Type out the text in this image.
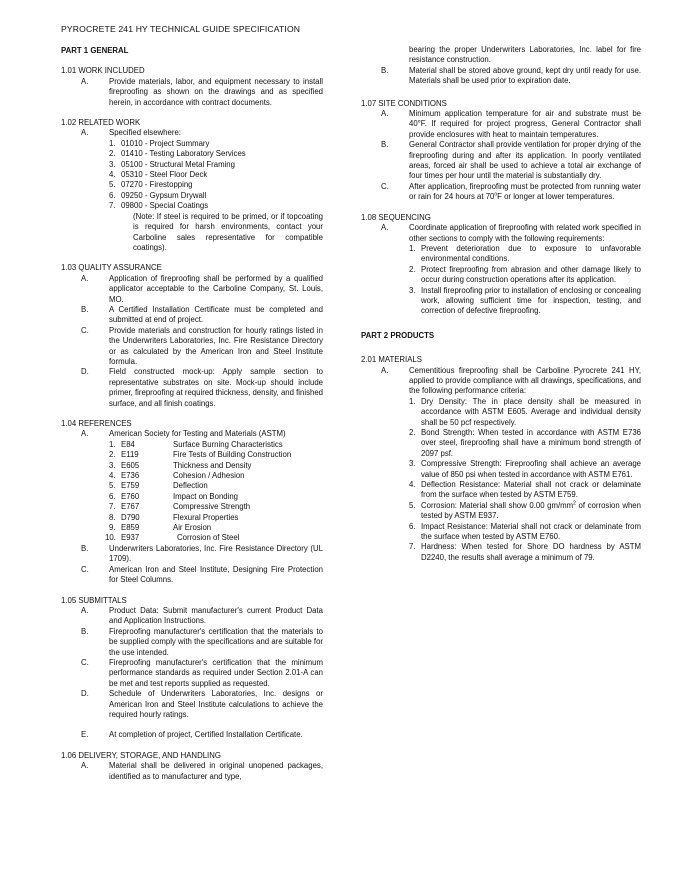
PYROCRETE 241 HY TECHNICAL GUIDE SPECIFICATION
PART 1 GENERAL
1.01 WORK INCLUDED
A.	Provide materials, labor, and equipment necessary to install fireproofing as shown on the drawings and as specified herein, in accordance with contract documents.
1.02 RELATED WORK
A.	Specified elsewhere:
1. 01010 - Project Summary
2. 01410 - Testing Laboratory Services
3. 05100 - Structural Metal Framing
4. 05310 - Steel Floor Deck
5. 07270 - Firestopping
6. 09250 - Gypsum Drywall
7. 09800 - Special Coatings
(Note: If steel is required to be primed, or if topcoating is required for harsh environments, contact your Carboline sales representative for compatible coatings).
1.03 QUALITY ASSURANCE
A.	Application of fireproofing shall be performed by a qualified applicator acceptable to the Carboline Company, St. Louis, MO.
B.	A Certified Installation Certificate must be completed and submitted at end of project.
C.	Provide materials and construction for hourly ratings listed in the Underwriters Laboratories, Inc. Fire Resistance Directory or as calculated by the American Iron and Steel Institute formula.
D.	Field constructed mock-up: Apply sample section to representative substrates on site. Mock-up should include primer, fireproofing at required thickness, density, and finished surface, and all finish coatings.
1.04 REFERENCES
A.	American Society for Testing and Materials (ASTM)
1. E84	Surface Burning Characteristics
2. E119	Fire Tests of Building Construction
3. E605	Thickness and Density
4. E736	Cohesion / Adhesion
5. E759	Deflection
6. E760	Impact on Bonding
7. E767	Compressive Strength
8. D790	Flexural Properties
9. E859	Air Erosion
10. E937	Corrosion of Steel
B.	Underwriters Laboratories, Inc. Fire Resistance Directory (UL 1709).
C.	American Iron and Steel Institute, Designing Fire Protection for Steel Columns.
1.05 SUBMITTALS
A.	Product Data: Submit manufacturer's current Product Data and Application Instructions.
B.	Fireproofing manufacturer's certification that the materials to be supplied comply with the specifications and are suitable for the use intended.
C.	Fireproofing manufacturer's certification that the minimum performance standards as required under Section 2.01-A can be met and test reports supplied as requested.
D.	Schedule of Underwriters Laboratories, Inc. designs or American Iron and Steel Institute calculations to achieve the required hourly ratings.
E.	At completion of project, Certified Installation Certificate.
1.06 DELIVERY, STORAGE, AND HANDLING
A.	Material shall be delivered in original unopened packages, identified as to manufacturer and type,
bearing the proper Underwriters Laboratories, Inc. label for fire resistance construction.
B.	Material shall be stored above ground, kept dry until ready for use. Materials shall be used prior to expiration date.
1.07 SITE CONDITIONS
A.	Minimum application temperature for air and substrate must be 40°F. If required for project progress, General Contractor shall provide enclosures with heat to maintain temperatures.
B.	General Contractor shall provide ventilation for proper drying of the fireproofing during and after its application. In poorly ventilated areas, forced air shall be used to achieve a total air exchange of four times per hour until the material is substantially dry.
C.	After application, fireproofing must be protected from running water or rain for 24 hours at 70$^o$F or longer at lower temperatures.
1.08 SEQUENCING
A.	Coordinate application of fireproofing with related work specified in other sections to comply with the following requirements:
1. Prevent deterioration due to exposure to unfavorable environmental conditions.
2. Protect fireproofing from abrasion and other damage likely to occur during construction operations after its application.
3. Install fireproofing prior to installation of enclosing or concealing work, allowing sufficient time for inspection, testing, and correction of defective fireproofing.
PART 2 PRODUCTS
2.01 MATERIALS
A.	Cementitious fireproofing shall be Carboline Pyrocrete 241 HY, applied to provide compliance with all drawings, specifications, and the following performance criteria:
1. Dry Density: The in place density shall be measured in accordance with ASTM E605. Average and individual density shall be 50 pcf respectively.
2. Bond Strength: When tested in accordance with ASTM E736 over steel, fireproofing shall have a minimum bond strength of 2097 psf.
3. Compressive Strength: Fireproofing shall achieve an average value of 850 psi when tested in accordance with ASTM E761.
4. Deflection Resistance: Material shall not crack or delaminate from the surface when tested by ASTM E759.
5. Corrosion: Material shall show 0.00 $gm/mm^2$ of corrosion when tested by ASTM E937.
6. Impact Resistance: Material shall not crack or delaminate from the surface when tested by ASTM E760.
7. Hardness: When tested for Shore DO hardness by ASTM D2240, the results shall average a minimum of 79.
